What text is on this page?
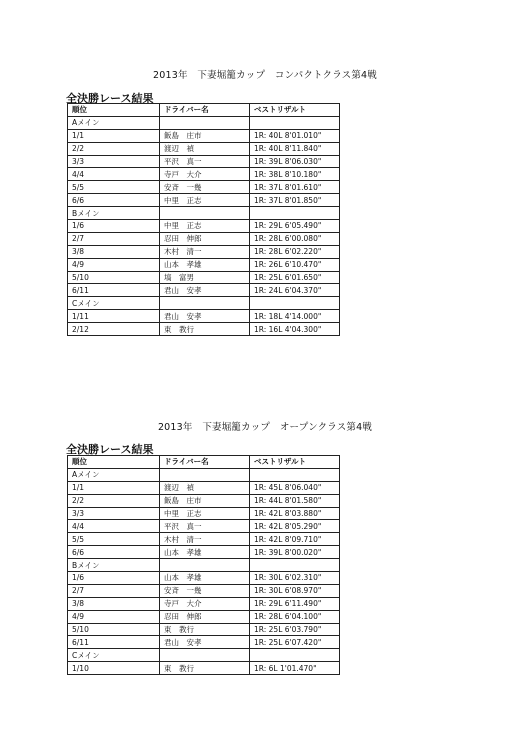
2013年　下妻堀籠カップ　コンパクトクラス第4戦
全決勝レース結果
順位	ドライバー名	ベストリザルト
Aメイン		
1/1	飯島　庄市	1R: 40L 8'01.010"
2/2	渡辺　禎	1R: 40L 8'11.840"
3/3	平沢　真一	1R: 39L 8'06.030"
4/4	寺戸　大介	1R: 38L 8'10.180"
5/5	安斉　一幾	1R: 37L 8'01.610"
6/6	中里　正志	1R: 37L 8'01.850"
Bメイン		
1/6	中里　正志	1R: 29L 6'05.490"
2/7	忍田　伸郎	1R: 28L 6'00.080"
3/8	木村　清一	1R: 28L 6'02.220"
4/9	山本　孝雄	1R: 26L 6'10.470"
5/10	塙　富男	1R: 25L 6'01.650"
6/11	君山　安孝	1R: 24L 6'04.370"
Cメイン		
1/11	君山　安孝	1R: 18L 4'14.000"
2/12	東　教行	1R: 16L 4'04.300"
2013年　下妻堀籠カップ　オープンクラス第4戦
全決勝レース結果
順位	ドライバー名	ベストリザルト
Aメイン		
1/1	渡辺　禎	1R: 45L 8'06.040"
2/2	飯島　庄市	1R: 44L 8'01.580"
3/3	中里　正志	1R: 42L 8'03.880"
4/4	平沢　真一	1R: 42L 8'05.290"
5/5	木村　清一	1R: 42L 8'09.710"
6/6	山本　孝雄	1R: 39L 8'00.020"
Bメイン		
1/6	山本　孝雄	1R: 30L 6'02.310"
2/7	安斉　一幾	1R: 30L 6'08.970"
3/8	寺戸　大介	1R: 29L 6'11.490"
4/9	忍田　伸郎	1R: 28L 6'04.100"
5/10	東　教行	1R: 25L 6'03.790"
6/11	君山　安孝	1R: 25L 6'07.420"
Cメイン		
1/10	東　教行	1R: 6L 1'01.470"
